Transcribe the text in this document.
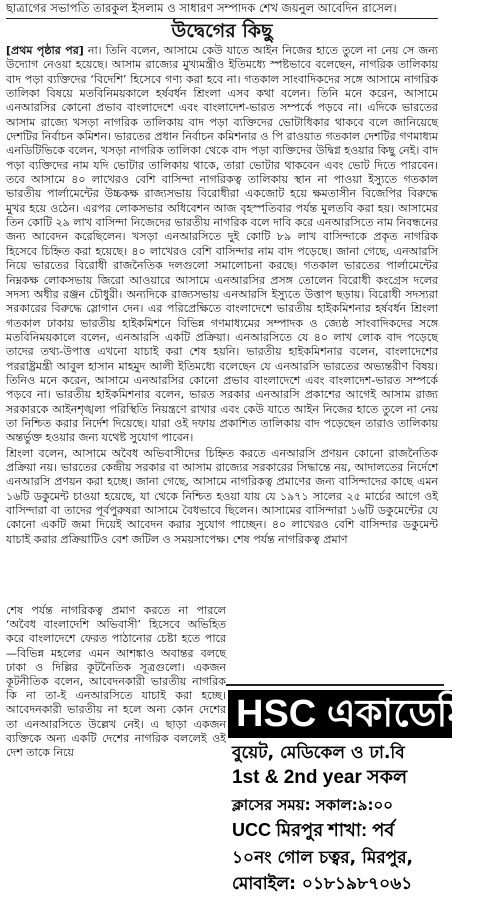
ছাত্রাগের সভাপতি তারকুল ইসলাম ও সাধারণ সম্পাদক শেখ জয়নুল আবেদিন রাসেল।
উদ্বেগের কিছু

[প্রথম পৃষ্ঠার পর] না। তিনি বলেন, আসামে কেউ যাতে আইন নিজের হাতে তুলে না নেয় সে জন্য উদ্যোগ নেওয়া হয়েছে। আসাম রাজ্যের মুখ্যমন্ত্রীও ইতিমধ্যে স্পষ্টভাবে বলেছেন, নাগরিক তালিকায় বাদ পড়া ব্যক্তিদের ‘বিদেশি’ হিসেবে গণ্য করা হবে না। গতকাল সাংবাদিকদের সঙ্গে আসামে নাগরিক তালিকা বিষয়ে মতবিনিময়কালে হর্ষবর্ধন শ্রিংলা এসব কথা বলেন। তিনি মনে করেন, আসামে এনআরসির কোনো প্রভাব বাংলাদেশে এবং বাংলাদেশ-ভারত সম্পর্কে পড়বে না। এদিকে ভারতের আসাম রাজ্যে খসড়া নাগরিক তালিকায় বাদ পড়া ব্যক্তিদের ভোটাধিকার থাকবে বলে জানিয়েছে দেশটির নির্বাচন কমিশন। ভারতের প্রধান নির্বাচন কমিশনার ও পি রাওয়াত গতকাল দেশটির গণমাধ্যম এনডিটিভিকে বলেন, খসড়া নাগরিক তালিকা থেকে বাদ পড়া ব্যক্তিদের উদ্বিগ্ন হওয়ার কিছু নেই। বাদ পড়া ব্যক্তিদের নাম যদি ভোটার তালিকায় থাকে, তারা ভোটার থাকবেন এবং ভোট দিতে পারবেন। তবে আসামে ৪০ লাখেরও বেশি বাসিন্দা নাগরিকত্ব তালিকায় স্থান না পাওয়া ইস্যুতে গতকাল ভারতীয় পার্লামেন্টের উচ্চকক্ষ রাজ্যসভায় বিরোধীরা একজোট হয়ে ক্ষমতাসীন বিজেপির বিরুদ্ধে মুখর হয়ে ওঠেন। এরপর লোকসভার অধিবেশন আজ বৃহস্পতিবার পর্যন্ত মুলতবি করা হয়। আসামের তিন কোটি ২৯ লাখ বাসিন্দা নিজেদের ভারতীয় নাগরিক বলে দাবি করে এনআরসিতে নাম নিবন্ধনের জন্য আবেদন করেছিলেন। খসড়া এনআরসিতে দুই কোটি ৮৯ লাখ বাসিন্দাকে প্রকৃত নাগরিক হিসেবে চিহ্নিত করা হয়েছে। ৪০ লাখেরও বেশি বাসিন্দার নাম বাদ পড়েছে। জানা গেছে, এনআরসি নিয়ে ভারতের বিরোধী রাজনৈতিক দলগুলো সমালোচনা করছে। গতকাল ভারতের পার্লামেন্টের নিম্নকক্ষ লোকসভায় জিরো আওয়ারে আসামে এনআরসির প্রসঙ্গ তোলেন বিরোধী কংগ্রেস দলের সদস্য অধীর রঞ্জন চৌধুরী। অন্যদিকে রাজ্যসভায় এনআরসি ইস্যুতে উত্তাপ ছড়ায়। বিরোধী সদস্যরা সরকারের বিরুদ্ধে স্লোগান দেন। এর পরিপ্রেক্ষিতে বাংলাদেশে ভারতীয় হাইকমিশনার হর্ষবর্ধন শ্রিংলা গতকাল ঢাকায় ভারতীয় হাইকমিশনে বিভিন্ন গণমাধ্যমের সম্পাদক ও জ্যেষ্ঠ সাংবাদিকদের সঙ্গে মতবিনিময়কালে বলেন, এনআরসি একটি প্রক্রিয়া। এনআরসিতে যে ৪০ লাখ লোক বাদ পড়েছে তাদের তথ্য-উপাত্ত এখনো যাচাই করা শেষ হয়নি। ভারতীয় হাইকমিশনার বলেন, বাংলাদেশের পররাষ্ট্রমন্ত্রী আবুল হাসান মাহমুদ আলী ইতিমধ্যে বলেছেন যে এনআরসি ভারতের অভ্যন্তরীণ বিষয়। তিনিও মনে করেন, আসামে এনআরসির কোনো প্রভাব বাংলাদেশে এবং বাংলাদেশ-ভারত সম্পর্কে পড়বে না। ভারতীয় হাইকমিশনার বলেন, ভারত সরকার এনআরসি প্রকাশের আগেই আসাম রাজ্য সরকারকে আইনশৃঙ্খলা পরিস্থিতি নিয়ন্ত্রণে রাখার এবং কেউ যাতে আইন নিজের হাতে তুলে না নেয় তা নিশ্চিত করার নির্দেশ দিয়েছে। যারা ওই দফায় প্রকাশিত তালিকায় বাদ পড়েছেন তারাও তালিকায় অন্তর্ভুক্ত হওয়ার জন্য যথেষ্ট সুযোগ পাবেন।

শ্রিংলা বলেন, আসামে অবৈধ অভিবাসীদের চিহ্নিত করতে এনআরসি প্রণয়ন কোনো রাজনৈতিক প্রক্রিয়া নয়। ভারতের কেন্দ্রীয় সরকার বা আসাম রাজ্যের সরকারের সিদ্ধান্তে নয়, আদালতের নির্দেশে এনআরসি প্রণয়ন করা হচ্ছে। জানা গেছে, আসামে নাগরিকত্ব প্রমাণের জন্য বাসিন্দাদের কাছে এমন ১৬টি ডকুমেন্ট চাওয়া হয়েছে, যা থেকে নিশ্চিত হওয়া যায় যে ১৯৭১ সালের ২৫ মার্চের আগে ওই বাসিন্দারা বা তাদের পূর্বপুরুষরা আসামে বৈধভাবে ছিলেন। আসামের বাসিন্দারা ১৬টি ডকুমেন্টের যে কোনো একটি জমা দিয়েই আবেদন করার সুযোগ পাচ্ছেন। ৪০ লাখেরও বেশি বাসিন্দার ডকুমেন্ট যাচাই করার প্রক্রিয়াটিও বেশ জটিল ও সময়সাপেক্ষ। শেষ পর্যন্ত নাগরিকত্ব প্রমাণ

শেষ পর্যন্ত নাগরিকত্ব প্রমাণ করতে না পারলে ‘অবৈধ বাংলাদেশি অভিবাসী’ হিসেবে অভিহিত করে বাংলাদেশে ফেরত পাঠানোর চেষ্টা হতে পারে—বিভিন্ন মহলের এমন আশঙ্কাও অবান্তর বলছে ঢাকা ও দিল্লির কূটনৈতিক সূত্রগুলো। একজন কূটনীতিক বলেন, আবেদনকারী ভারতীয় নাগরিক কি না তা-ই এনআরসিতে যাচাই করা হচ্ছে। আবেদনকারী ভারতীয় না হলে অন্য কোন দেশের তা এনআরসিতে উল্লেখ নেই। এ ছাড়া একজন ব্যক্তিকে অন্য একটি দেশের নাগরিক বললেই ওই দেশ তাকে নিয়ে
HSC একাডেমিক
বুয়েট, মেডিকেল ও ঢা.বি
1st & 2nd year সকল
ক্লাসের সময়: সকাল:৯:০০
UCC মিরপুর শাখা: পর্ব
১০নং গোল চত্বর, মিরপুর,
মোবাইল: ০১৮১৯৮৭০৬১
